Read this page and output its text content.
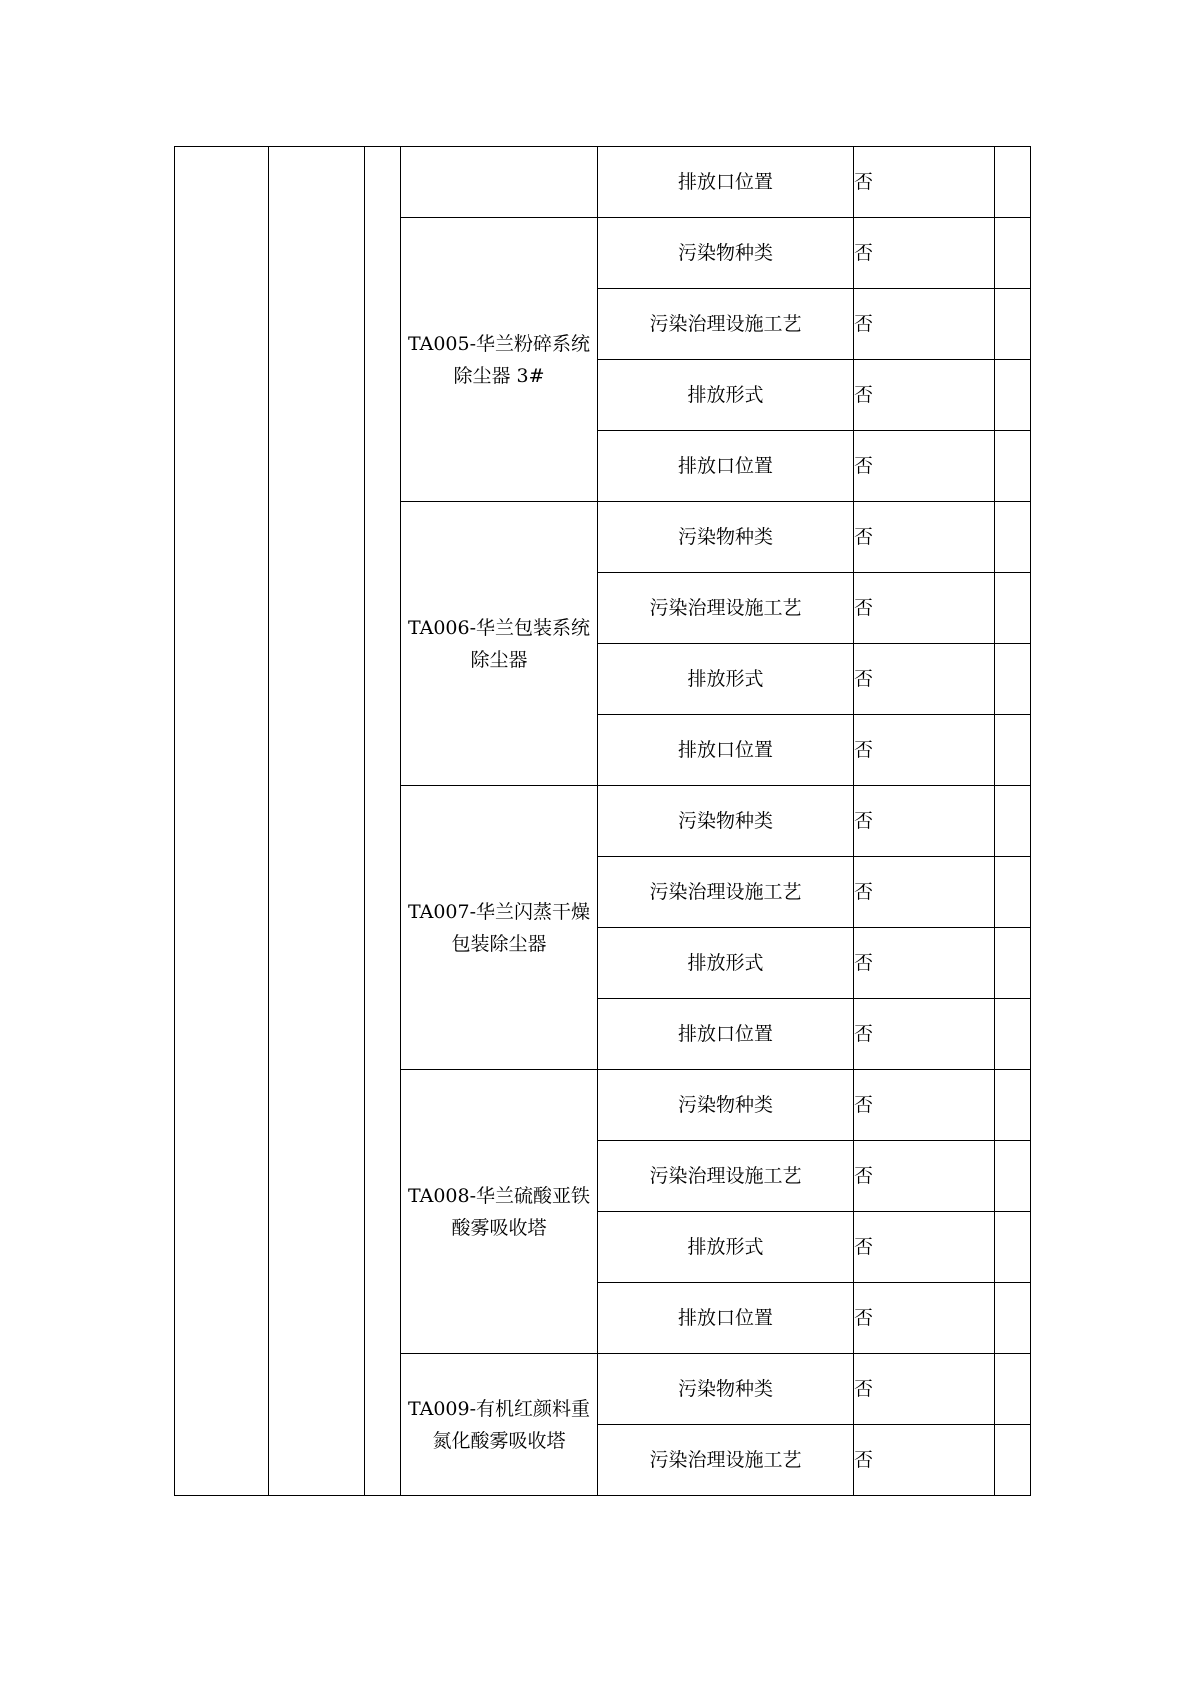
				排放口位置	否	
			TA005-华兰粉碎系统除尘器 3#	污染物种类	否	
				污染治理设施工艺	否	
				排放形式	否	
				排放口位置	否	
			TA006-华兰包装系统除尘器	污染物种类	否	
				污染治理设施工艺	否	
				排放形式	否	
				排放口位置	否	
			TA007-华兰闪蒸干燥包装除尘器	污染物种类	否	
				污染治理设施工艺	否	
				排放形式	否	
				排放口位置	否	
			TA008-华兰硫酸亚铁酸雾吸收塔	污染物种类	否	
				污染治理设施工艺	否	
				排放形式	否	
				排放口位置	否	
			TA009-有机红颜料重氮化酸雾吸收塔	污染物种类	否	
				污染治理设施工艺	否	
